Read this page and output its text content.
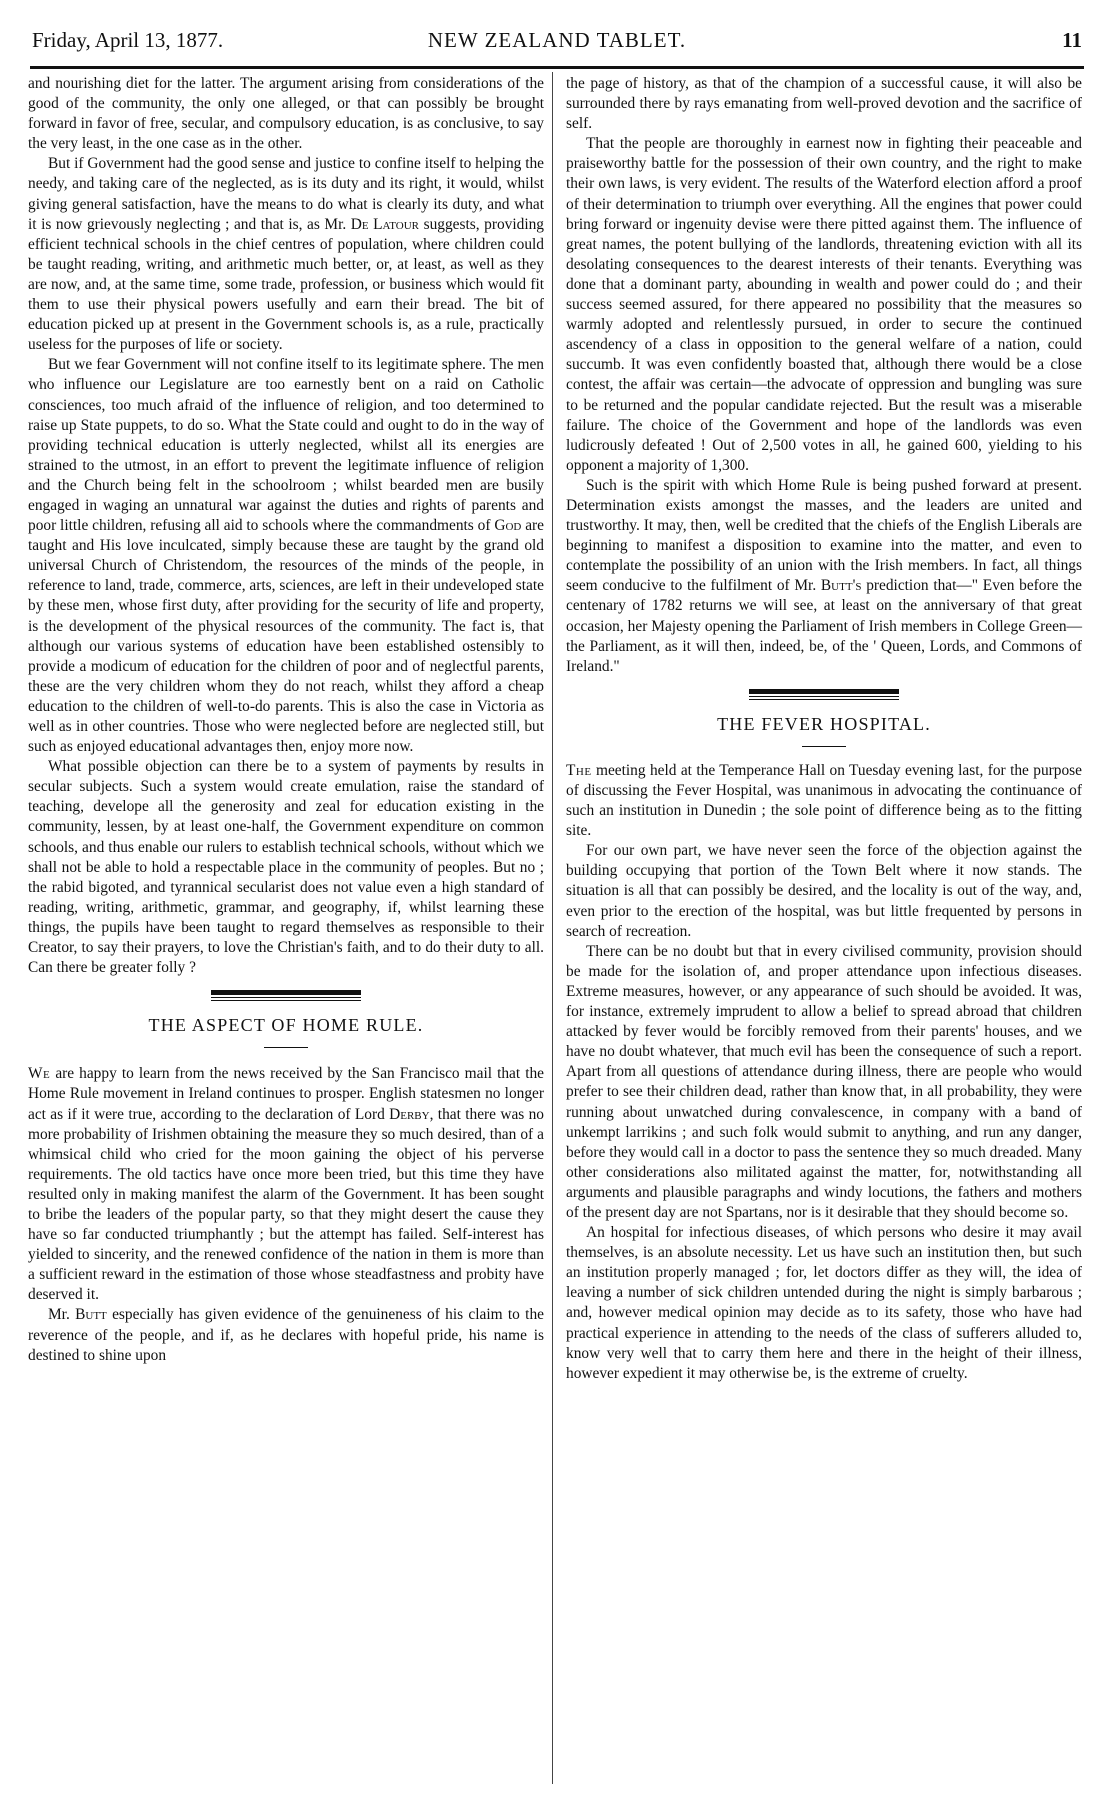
NEW ZEALAND TABLET.
Friday, April 13, 1877.	11

and nourishing diet for the latter. The argument arising from considerations of the good of the community, the only one alleged, or that can possibly be brought forward in favor of free, secular, and compulsory education, is as conclusive, to say the very least, in the one case as in the other.

But if Government had the good sense and justice to confine itself to helping the needy, and taking care of the neglected, as is its duty and its right, it would, whilst giving general satisfaction, have the means to do what is clearly its duty, and what it is now grievously neglecting ; and that is, as Mr. De Latour suggests, providing efficient technical schools in the chief centres of population, where children could be taught reading, writing, and arithmetic much better, or, at least, as well as they are now, and, at the same time, some trade, profession, or business which would fit them to use their physical powers usefully and earn their bread. The bit of education picked up at present in the Government schools is, as a rule, practically useless for the purposes of life or society.

But we fear Government will not confine itself to its legitimate sphere. The men who influence our Legislature are too earnestly bent on a raid on Catholic consciences, too much afraid of the influence of religion, and too determined to raise up State puppets, to do so. What the State could and ought to do in the way of providing technical education is utterly neglected, whilst all its energies are strained to the utmost, in an effort to prevent the legitimate influence of religion and the Church being felt in the schoolroom ; whilst bearded men are busily engaged in waging an unnatural war against the duties and rights of parents and poor little children, refusing all aid to schools where the commandments of God are taught and His love inculcated, simply because these are taught by the grand old universal Church of Christendom, the resources of the minds of the people, in reference to land, trade, commerce, arts, sciences, are left in their undeveloped state by these men, whose first duty, after providing for the security of life and property, is the development of the physical resources of the community. The fact is, that although our various systems of education have been established ostensibly to provide a modicum of education for the children of poor and of neglectful parents, these are the very children whom they do not reach, whilst they afford a cheap education to the children of well-to-do parents. This is also the case in Victoria as well as in other countries. Those who were neglected before are neglected still, but such as enjoyed educational advantages then, enjoy more now.

What possible objection can there be to a system of payments by results in secular subjects. Such a system would create emulation, raise the standard of teaching, develope all the generosity and zeal for education existing in the community, lessen, by at least one-half, the Government expenditure on common schools, and thus enable our rulers to establish technical schools, without which we shall not be able to hold a respectable place in the community of peoples. But no ; the rabid bigoted, and tyrannical secularist does not value even a high standard of reading, writing, arithmetic, grammar, and geography, if, whilst learning these things, the pupils have been taught to regard themselves as responsible to their Creator, to say their prayers, to love the Christian's faith, and to do their duty to all. Can there be greater folly ?

THE ASPECT OF HOME RULE.

We are happy to learn from the news received by the San Francisco mail that the Home Rule movement in Ireland continues to prosper. English statesmen no longer act as if it were true, according to the declaration of Lord Derby, that there was no more probability of Irishmen obtaining the measure they so much desired, than of a whimsical child who cried for the moon gaining the object of his perverse requirements. The old tactics have once more been tried, but this time they have resulted only in making manifest the alarm of the Government. It has been sought to bribe the leaders of the popular party, so that they might desert the cause they have so far conducted triumphantly ; but the attempt has failed. Self-interest has yielded to sincerity, and the renewed confidence of the nation in them is more than a sufficient reward in the estimation of those whose steadfastness and probity have deserved it.

Mr. Butt especially has given evidence of the genuineness of his claim to the reverence of the people, and if, as he declares with hopeful pride, his name is destined to shine upon

the page of history, as that of the champion of a successful cause, it will also be surrounded there by rays emanating from well-proved devotion and the sacrifice of self.

That the people are thoroughly in earnest now in fighting their peaceable and praiseworthy battle for the possession of their own country, and the right to make their own laws, is very evident. The results of the Waterford election afford a proof of their determination to triumph over everything. All the engines that power could bring forward or ingenuity devise were there pitted against them. The influence of great names, the potent bullying of the landlords, threatening eviction with all its desolating consequences to the dearest interests of their tenants. Everything was done that a dominant party, abounding in wealth and power could do ; and their success seemed assured, for there appeared no possibility that the measures so warmly adopted and relentlessly pursued, in order to secure the continued ascendency of a class in opposition to the general welfare of a nation, could succumb. It was even confidently boasted that, although there would be a close contest, the affair was certain—the advocate of oppression and bungling was sure to be returned and the popular candidate rejected. But the result was a miserable failure. The choice of the Government and hope of the landlords was even ludicrously defeated ! Out of 2,500 votes in all, he gained 600, yielding to his opponent a majority of 1,300.

Such is the spirit with which Home Rule is being pushed forward at present. Determination exists amongst the masses, and the leaders are united and trustworthy. It may, then, well be credited that the chiefs of the English Liberals are beginning to manifest a disposition to examine into the matter, and even to contemplate the possibility of an union with the Irish members. In fact, all things seem conducive to the fulfilment of Mr. Butt's prediction that—" Even before the centenary of 1782 returns we will see, at least on the anniversary of that great occasion, her Majesty opening the Parliament of Irish members in College Green—the Parliament, as it will then, indeed, be, of the ' Queen, Lords, and Commons of Ireland."

THE FEVER HOSPITAL.

The meeting held at the Temperance Hall on Tuesday evening last, for the purpose of discussing the Fever Hospital, was unanimous in advocating the continuance of such an institution in Dunedin ; the sole point of difference being as to the fitting site.

For our own part, we have never seen the force of the objection against the building occupying that portion of the Town Belt where it now stands. The situation is all that can possibly be desired, and the locality is out of the way, and, even prior to the erection of the hospital, was but little frequented by persons in search of recreation.

There can be no doubt but that in every civilised community, provision should be made for the isolation of, and proper attendance upon infectious diseases. Extreme measures, however, or any appearance of such should be avoided. It was, for instance, extremely imprudent to allow a belief to spread abroad that children attacked by fever would be forcibly removed from their parents' houses, and we have no doubt whatever, that much evil has been the consequence of such a report. Apart from all questions of attendance during illness, there are people who would prefer to see their children dead, rather than know that, in all probability, they were running about unwatched during convalescence, in company with a band of unkempt larrikins ; and such folk would submit to anything, and run any danger, before they would call in a doctor to pass the sentence they so much dreaded. Many other considerations also militated against the matter, for, notwithstanding all arguments and plausible paragraphs and windy locutions, the fathers and mothers of the present day are not Spartans, nor is it desirable that they should become so.

An hospital for infectious diseases, of which persons who desire it may avail themselves, is an absolute necessity. Let us have such an institution then, but such an institution properly managed ; for, let doctors differ as they will, the idea of leaving a number of sick children untended during the night is simply barbarous ; and, however medical opinion may decide as to its safety, those who have had practical experience in attending to the needs of the class of sufferers alluded to, know very well that to carry them here and there in the height of their illness, however expedient it may otherwise be, is the extreme of cruelty.
